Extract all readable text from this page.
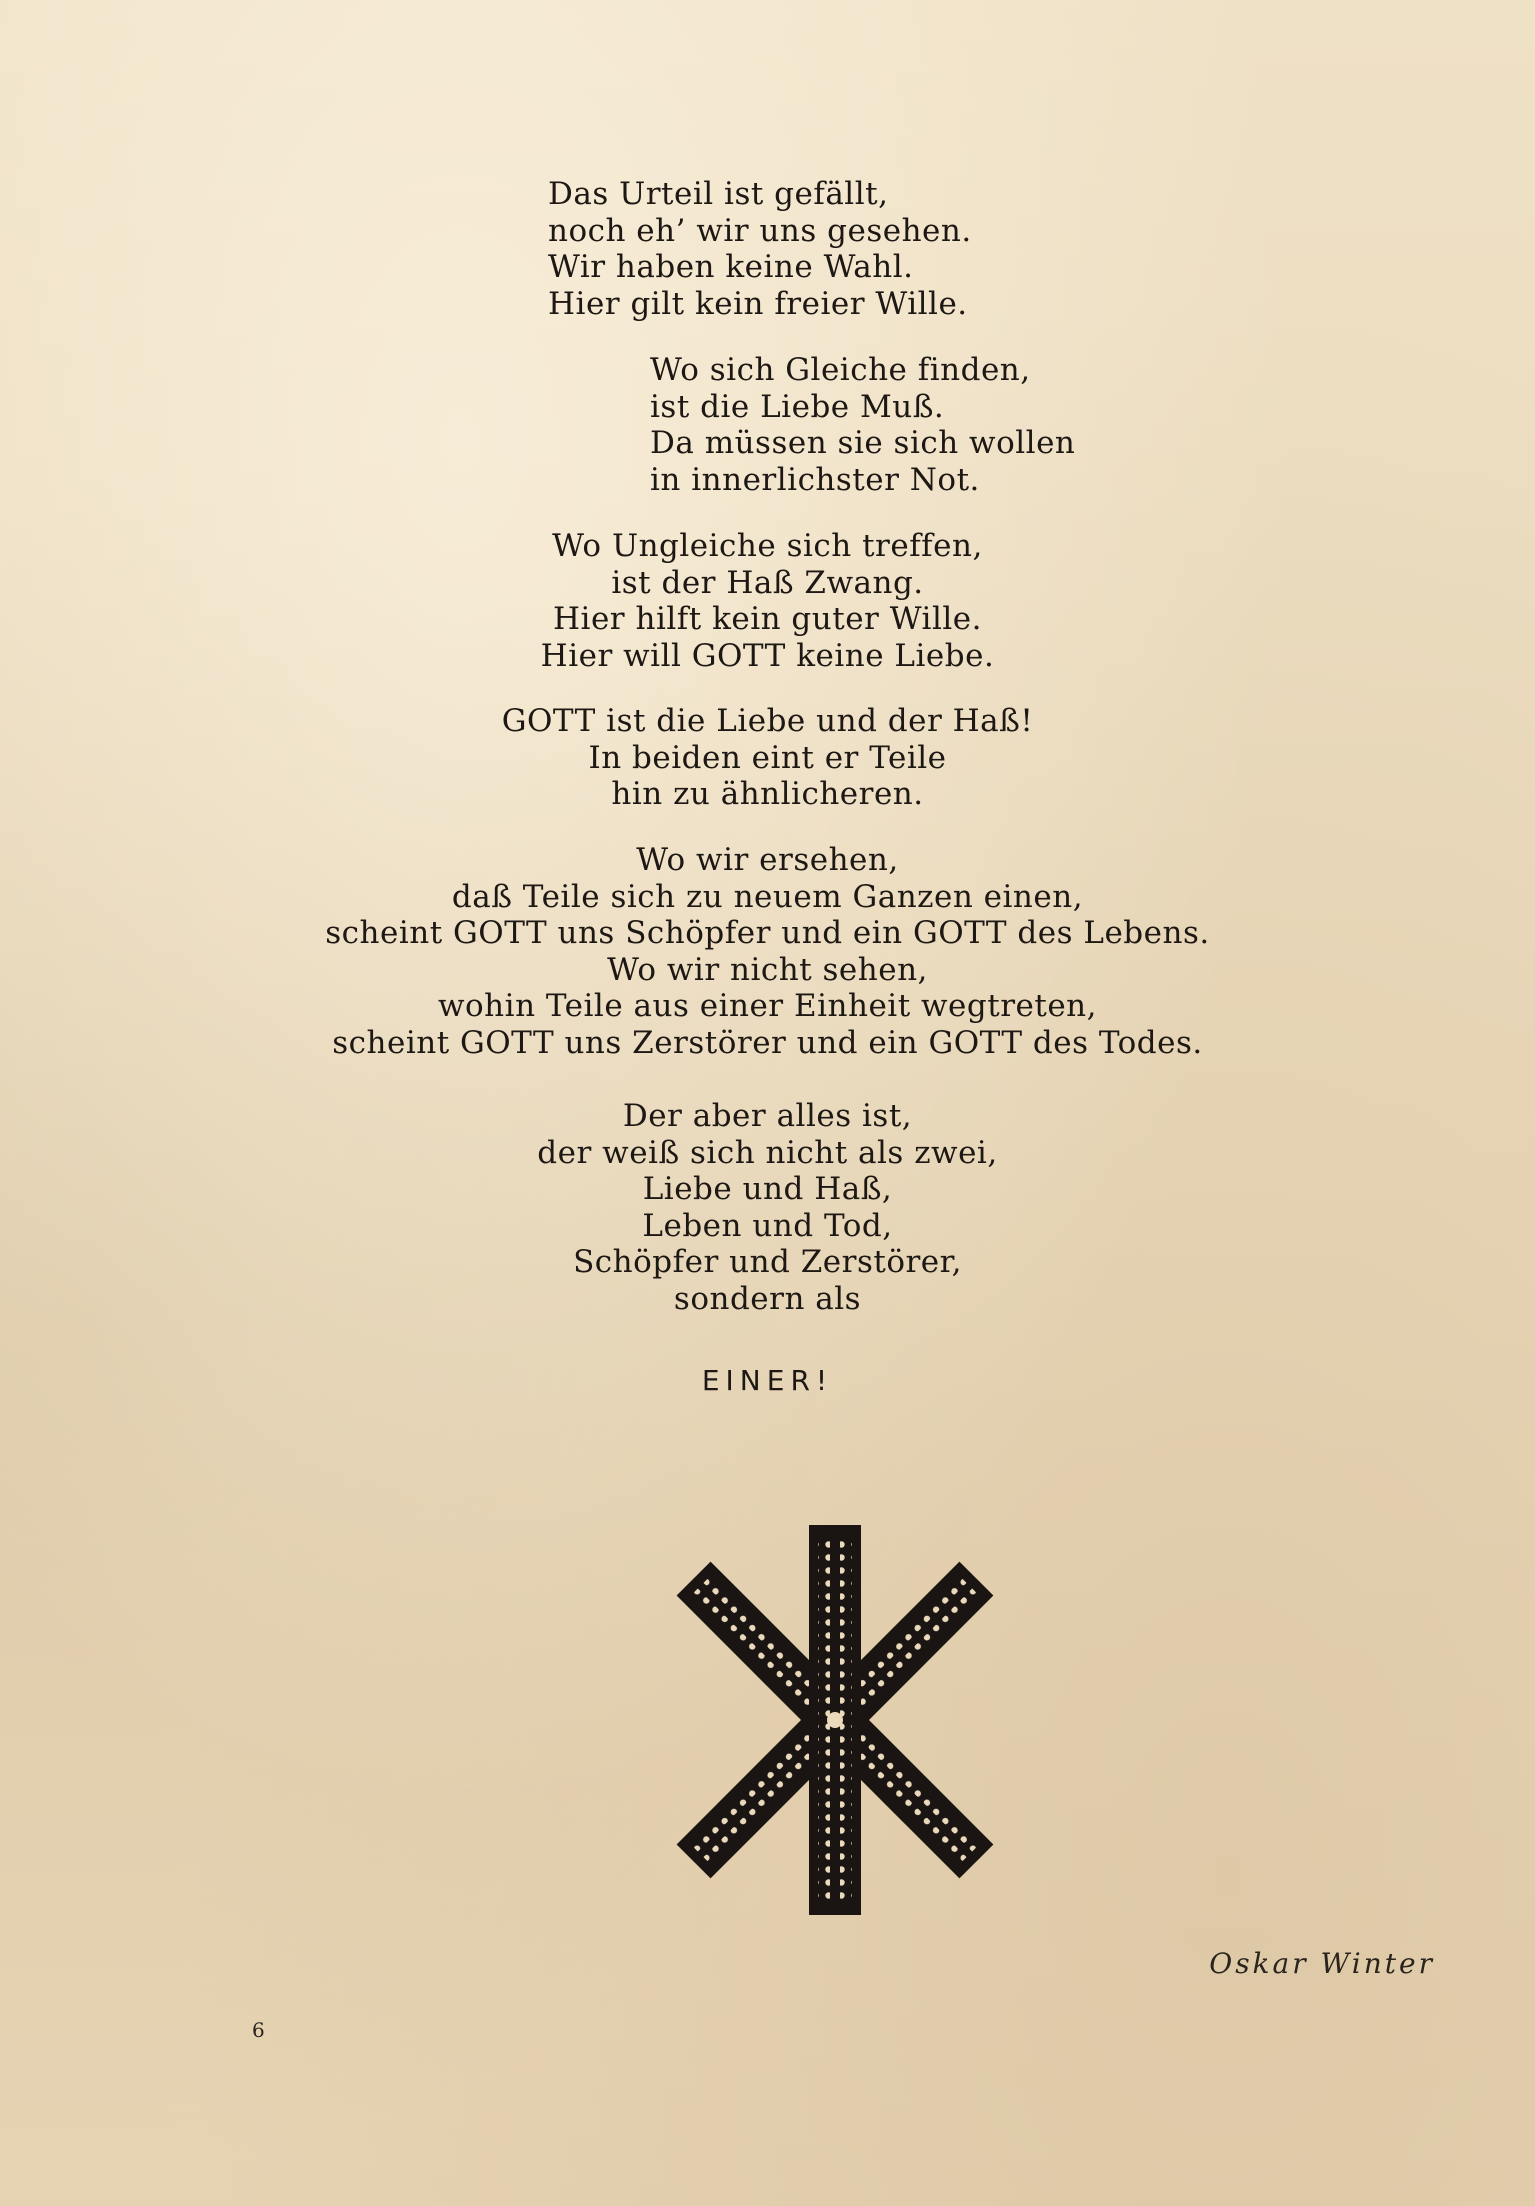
Das Urteil ist gefällt,
noch eh’ wir uns gesehen.
Wir haben keine Wahl.
Hier gilt kein freier Wille.
Wo sich Gleiche finden,
ist die Liebe Muß.
Da müssen sie sich wollen
in innerlichster Not.
Wo Ungleiche sich treffen,
ist der Haß Zwang.
Hier hilft kein guter Wille.
Hier will GOTT keine Liebe.
GOTT ist die Liebe und der Haß!
In beiden eint er Teile
hin zu ähnlicheren.
Wo wir ersehen,
daß Teile sich zu neuem Ganzen einen,
scheint GOTT uns Schöpfer und ein GOTT des Lebens.
Wo wir nicht sehen,
wohin Teile aus einer Einheit wegtreten,
scheint GOTT uns Zerstörer und ein GOTT des Todes.
Der aber alles ist,
der weiß sich nicht als zwei,
Liebe und Haß,
Leben und Tod,
Schöpfer und Zerstörer,
sondern als

EINER!

Oskar Winter
6
